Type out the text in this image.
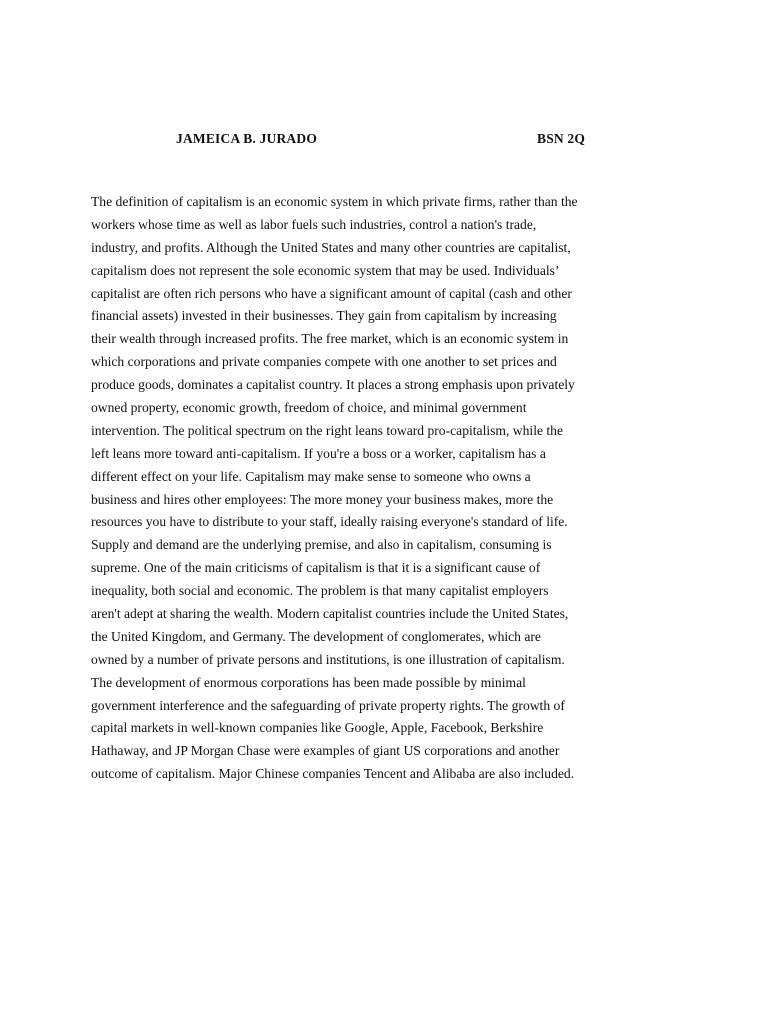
JAMEICA B. JURADO	BSN 2Q
The definition of capitalism is an economic system in which private firms, rather than the
workers whose time as well as labor fuels such industries, control a nation's trade,
industry, and profits. Although the United States and many other countries are capitalist,
capitalism does not represent the sole economic system that may be used. Individuals’
capitalist are often rich persons who have a significant amount of capital (cash and other
financial assets) invested in their businesses. They gain from capitalism by increasing
their wealth through increased profits. The free market, which is an economic system in
which corporations and private companies compete with one another to set prices and
produce goods, dominates a capitalist country. It places a strong emphasis upon privately
owned property, economic growth, freedom of choice, and minimal government
intervention. The political spectrum on the right leans toward pro-capitalism, while the
left leans more toward anti-capitalism. If you're a boss or a worker, capitalism has a
different effect on your life. Capitalism may make sense to someone who owns a
business and hires other employees: The more money your business makes, more the
resources you have to distribute to your staff, ideally raising everyone's standard of life.
Supply and demand are the underlying premise, and also in capitalism, consuming is
supreme. One of the main criticisms of capitalism is that it is a significant cause of
inequality, both social and economic. The problem is that many capitalist employers
aren't adept at sharing the wealth. Modern capitalist countries include the United States,
the United Kingdom, and Germany. The development of conglomerates, which are
owned by a number of private persons and institutions, is one illustration of capitalism.
The development of enormous corporations has been made possible by minimal
government interference and the safeguarding of private property rights. The growth of
capital markets in well-known companies like Google, Apple, Facebook, Berkshire
Hathaway, and JP Morgan Chase were examples of giant US corporations and another
outcome of capitalism. Major Chinese companies Tencent and Alibaba are also included.
